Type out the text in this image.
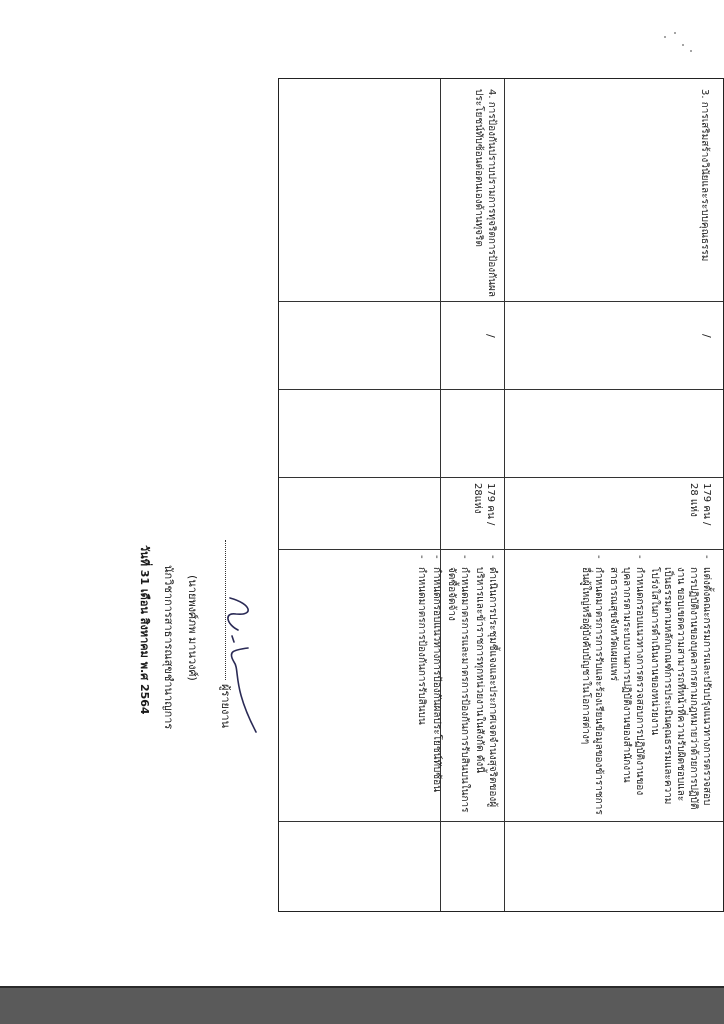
3. การเสริมสร้างวินัยและระบบคุณธรรม
/
179 คน /
28 แห่ง
- แต่งตั้งคณะกรรมการและปรับปรุงแนวทางการตรวจสอบการปฏิบัติงานของบุคลากรตามกฎหมายว่าด้วยการปฏิบัติงาน ขอบเขตความสามารถที่หน้าที่ความรับผิดชอบและเป็นธรรมตามหลักเกณฑ์การประเมินคุณธรรมและความโปร่งใสในการดำเนินงานของหน่วยงาน
- กำหนดกรอบแนวทางการตรวจสอบการปฏิบัติงานของบุคลากรตามระบบงานการปฏิบัติงานของสำนักงานสาธารณสุขจังหวัดเผยแพร่
- กำหนดมาตรการการรับและร้องเรียนข้อมูลของข้าราชการอื่นผู้ใหญ่หรือผู้บังคับบัญชาในโอกาสต่างๆ
4. การป้องกันปราบปรามการทุจริตการป้องกันผลประโยชน์ทับซ้อนต่อตนเองด้านทุจริต
/
179 คน /
28แห่ง
- ดำเนินการประชุมชี้แจงและประกาศเจตจำนงสุจริตของผู้บริหารและข้าราชการทุกหน่วยงานในสังกัด ดังนี้
- กำหนดมาตรการและมาตรการป้องกันการรับสินบนในการจัดซื้อจัดจ้าง
- กำหนดกรอบแนวทางการป้องกันผลประโยชน์ทับซ้อน
- กำหนดมาตรการป้องกันการรับสินบน
ผู้รายงาน
(นายพงศ์ภพ มานวงศ์)
นักวิชาการสาธารณสุขชำนาญการ
วันที่ 31 เดือน สิงหาคม พ.ศ 2564
